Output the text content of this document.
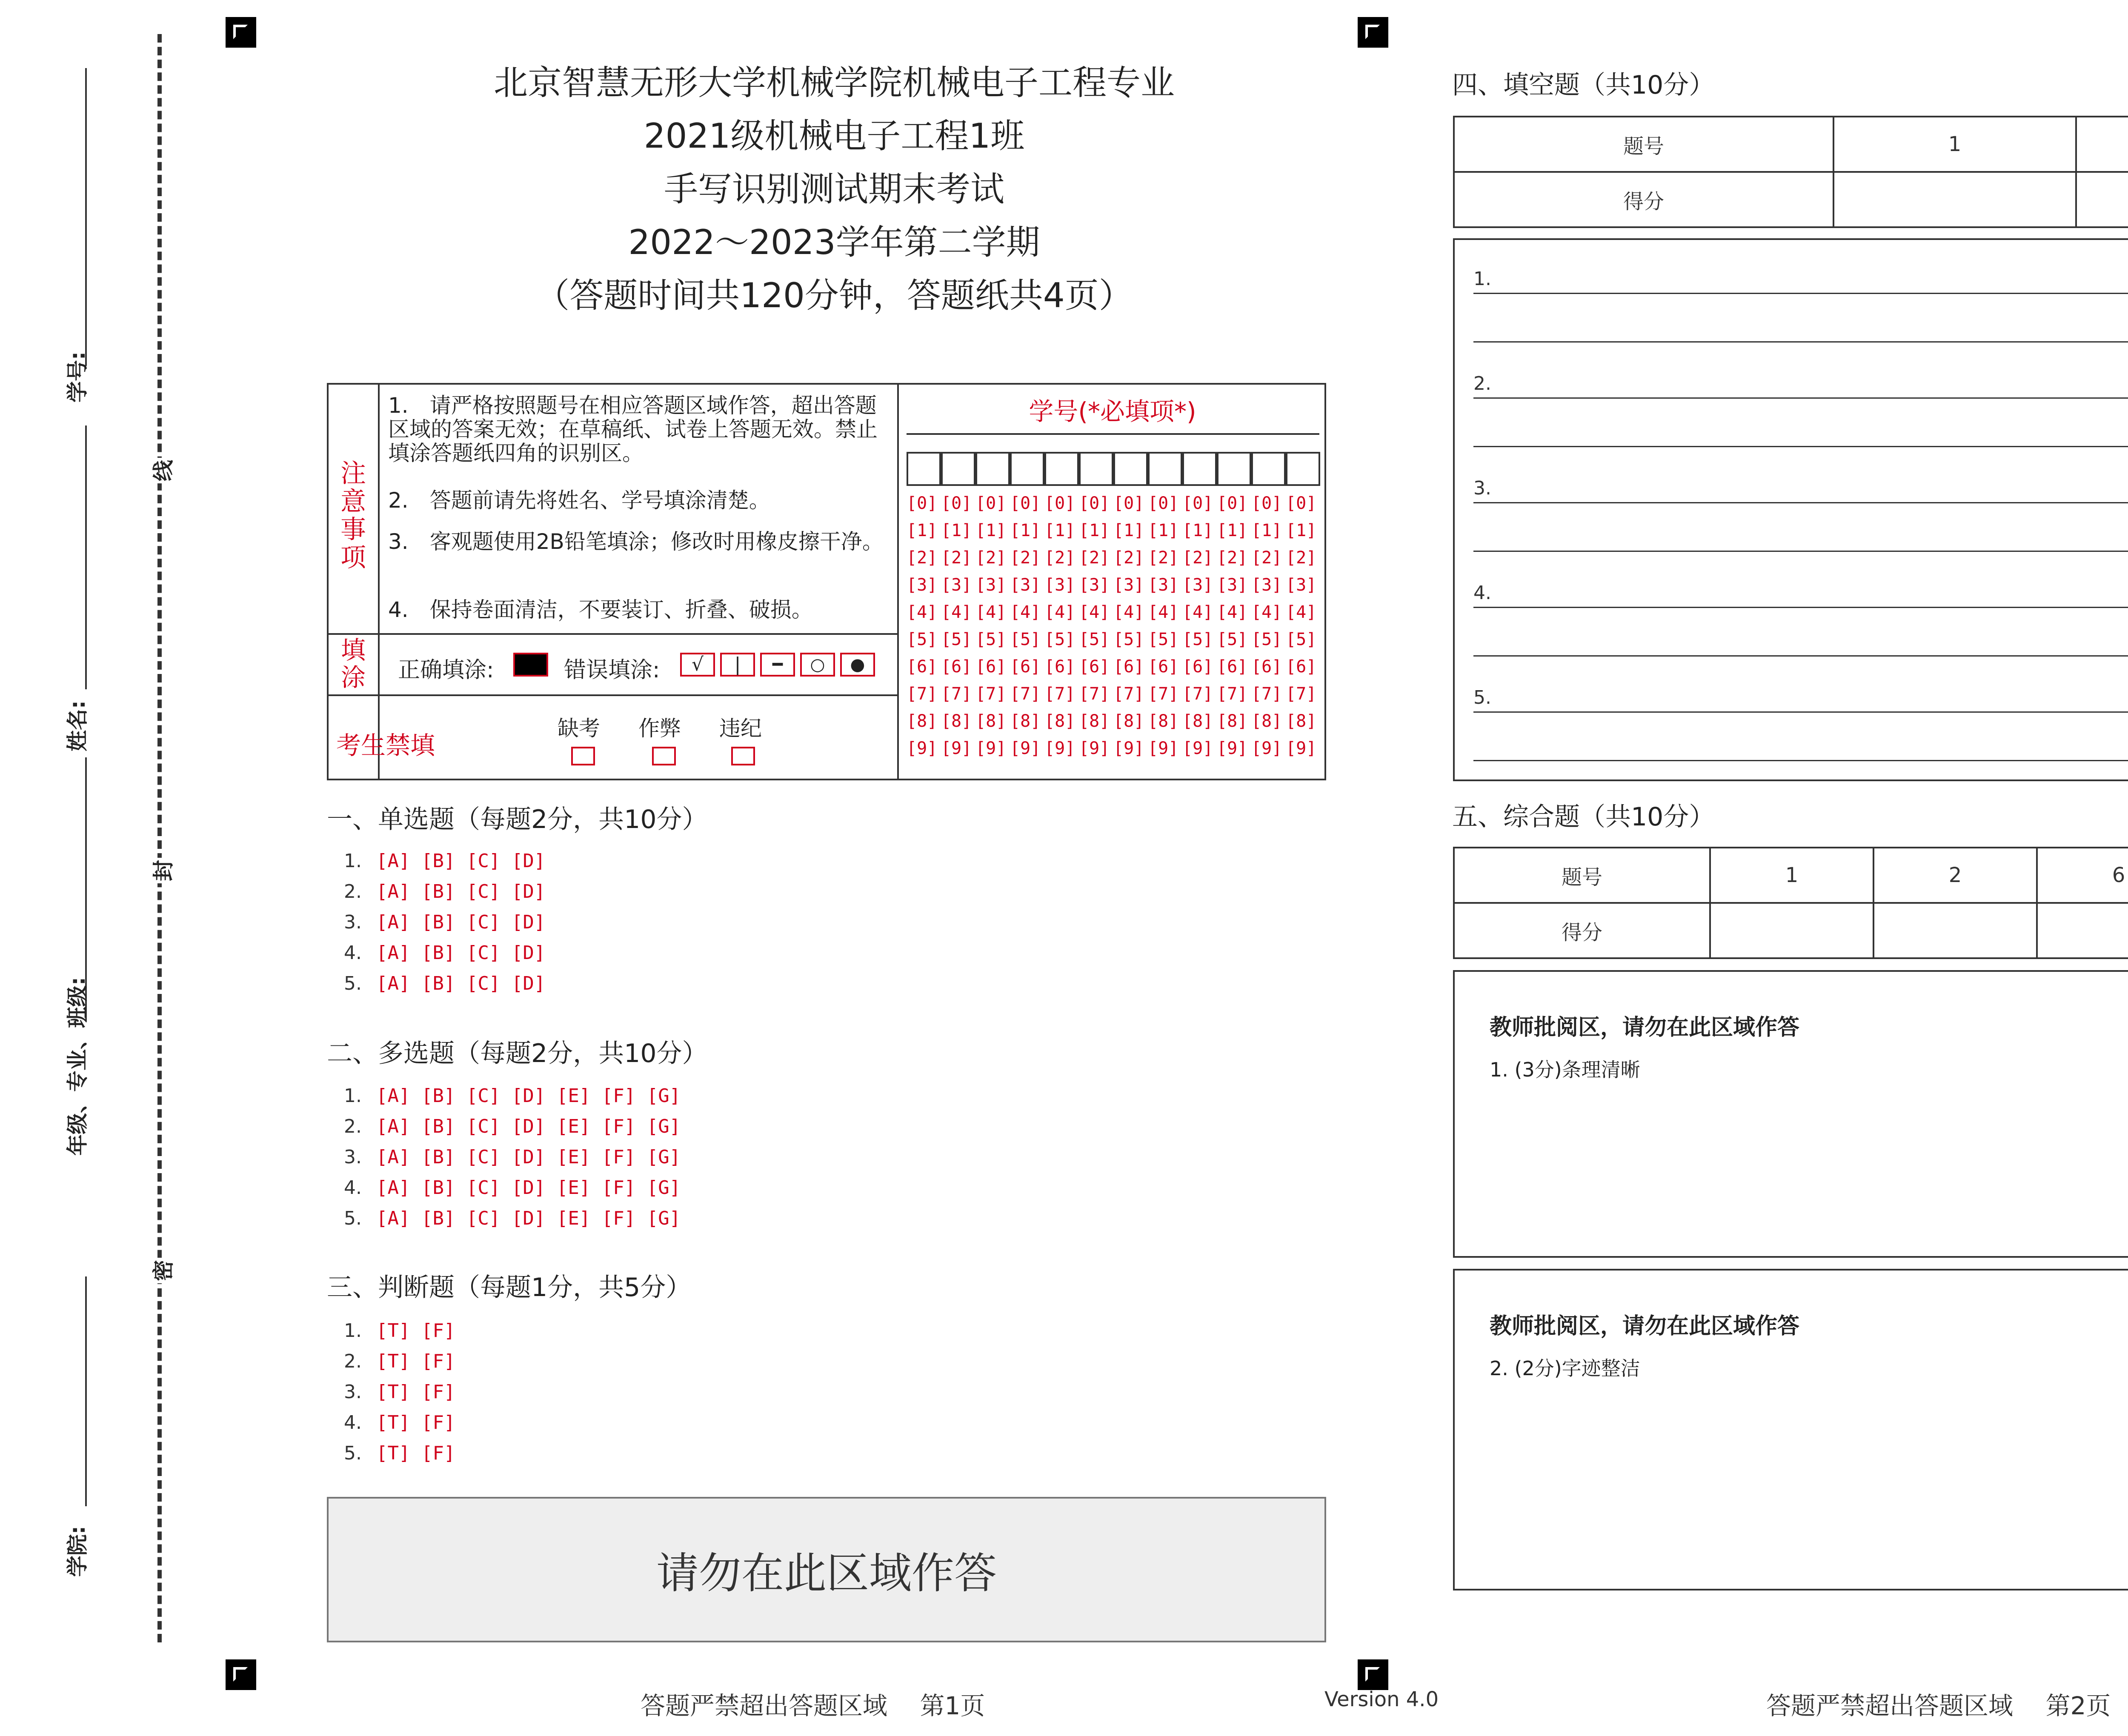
学号:
姓名:
年级、专业、班级:
学院:
线
封
密
北京智慧无形大学机械学院机械电子工程专业
2021级机械电子工程1班
手写识别测试期末考试
2022～2023学年第二学期
（答题时间共120分钟，答题纸共4页）
注意事项
1.　请严格按照题号在相应答题区域作答，超出答题区域的答案无效；在草稿纸、试卷上答题无效。禁止填涂答题纸四角的识别区。
2.　答题前请先将姓名、学号填涂清楚。
3.　客观题使用2B铅笔填涂；修改时用橡皮擦干净。
4.　保持卷面清洁，不要装订、折叠、破损。
填涂 正确填涂:	错误填涂:	√	|	━	○	●
考生禁填
缺考 作弊 违纪
学号(*必填项*)
[0] [0] [0] [0] [0] [0] [0] [0] [0] [0] [0] [0]
[1] [1] [1] [1] [1] [1] [1] [1] [1] [1] [1] [1]
[2] [2] [2] [2] [2] [2] [2] [2] [2] [2] [2] [2]
[3] [3] [3] [3] [3] [3] [3] [3] [3] [3] [3] [3]
[4] [4] [4] [4] [4] [4] [4] [4] [4] [4] [4] [4]
[5] [5] [5] [5] [5] [5] [5] [5] [5] [5] [5] [5]
[6] [6] [6] [6] [6] [6] [6] [6] [6] [6] [6] [6]
[7] [7] [7] [7] [7] [7] [7] [7] [7] [7] [7] [7]
[8] [8] [8] [8] [8] [8] [8] [8] [8] [8] [8] [8]
[9] [9] [9] [9] [9] [9] [9] [9] [9] [9] [9] [9]
一、单选题（每题2分，共10分）
1. [A] [B] [C] [D]
2. [A] [B] [C] [D]
3. [A] [B] [C] [D]
4. [A] [B] [C] [D]
5. [A] [B] [C] [D]
二、多选题（每题2分，共10分）
1. [A] [B] [C] [D] [E] [F] [G]
2. [A] [B] [C] [D] [E] [F] [G]
3. [A] [B] [C] [D] [E] [F] [G]
4. [A] [B] [C] [D] [E] [F] [G]
5. [A] [B] [C] [D] [E] [F] [G]
三、判断题（每题1分，共5分）
1. [T] [F]
2. [T] [F]
3. [T] [F]
4. [T] [F]
5. [T] [F]
请勿在此区域作答
四、填空题（共10分）
题号	1	
得分		
1.
2.
3.
4.
5.
五、综合题（共10分）
题号	1	2	6	
得分				
教师批阅区，请勿在此区域作答
1. (3分)条理清晰
教师批阅区，请勿在此区域作答
2. (2分)字迹整洁
答题严禁超出答题区域　 第1页	Version 4.0	答题严禁超出答题区域　 第2页
